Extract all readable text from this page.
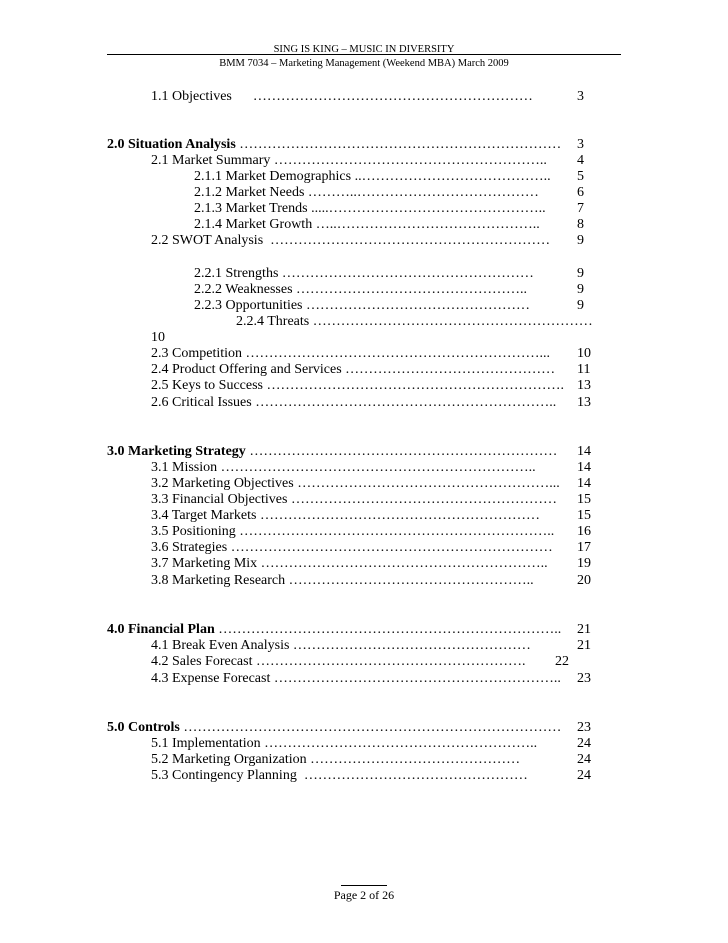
SING IS KING – MUSIC IN DIVERSITY
BMM 7034 – Marketing Management (Weekend MBA) March 2009
1.1 Objectives      ……………………………………………………	3
2.0 Situation Analysis …………………………………………………………… 3
2.1 Market Summary ………………………………………………….. 4
2.1.1 Market Demographics ..………………………………….. 5
2.1.2 Market Needs ………..…………………………………	6
2.1.3 Market Trends .....……………………………………….. 7
2.1.4 Market Growth …..……………………………………..	8
2.2 SWOT Analysis  …………………………………………………… 9
2.2.1 Strengths ………………………………………………	9
2.2.2 Weaknesses …………………………………………..	9
2.2.3 Opportunities …………………………………………	9
2.2.4 Threats ……………………………………………………
10
2.3 Competition ………………………………………………………... 10
2.4 Product Offering and Services ……………………………………… 11
2.5 Keys to Success ………………………………………………………. 13
2.6 Critical Issues ……………………………………………………….. 13
3.0 Marketing Strategy ………………………………………………………… 14
3.1 Mission …………………………………………………………..	14
3.2 Marketing Objectives ………………………………………………... 14
3.3 Financial Objectives ………………………………………………… 15
3.4 Target Markets ……………………………………………………	15
3.5 Positioning ………………………………………………………….. 16
3.6 Strategies …………………………………………………………… 17
3.7 Marketing Mix …………………………………………………….. 19
3.8 Marketing Research ……………………………………………..	20
4.0 Financial Plan ……………………………………………………………….. 21
4.1 Break Even Analysis ……………………………………………	21
4.2 Sales Forecast …………………………………………………. 22
4.3 Expense Forecast …………………………………………………….. 23
5.0 Controls ……………………………………………………………………… 23
5.1 Implementation …………………………………………………..	24
5.2 Marketing Organization ………………………………………	24
5.3 Contingency Planning  …………………………………………	24
Page 2 of 26
